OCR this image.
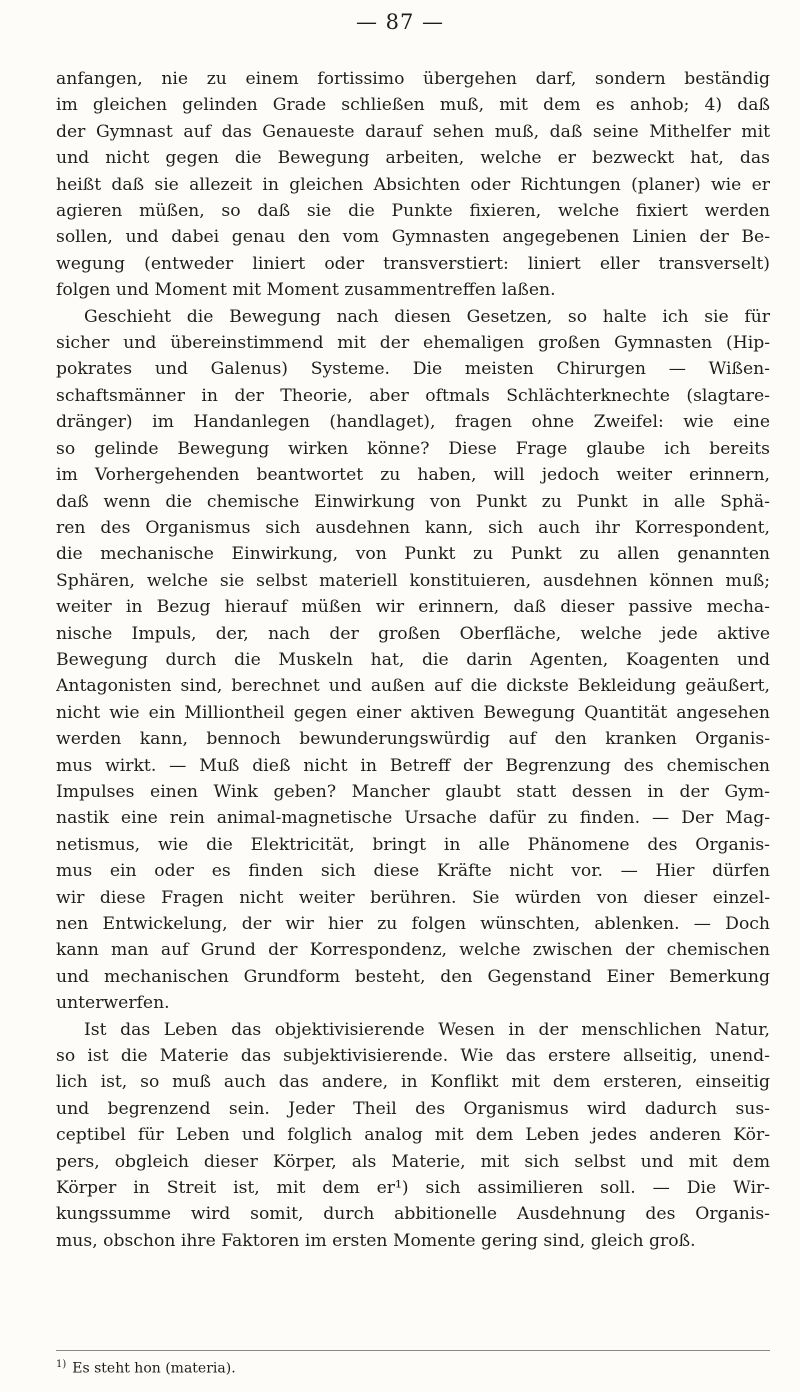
— 87 —
anfangen, nie zu einem fortissimo übergehen darf, sondern beständig
im gleichen gelinden Grade schließen muß, mit dem es anhob; 4) daß
der Gymnast auf das Genaueste darauf sehen muß, daß seine Mithelfer mit
und nicht gegen die Bewegung arbeiten, welche er bezweckt hat, das
heißt daß sie allezeit in gleichen Absichten oder Richtungen (planer) wie er
agieren müßen, so daß sie die Punkte fixieren, welche fixiert werden
sollen, und dabei genau den vom Gymnasten angegebenen Linien der Be-
wegung (entweder liniert oder transverstiert: liniert eller transverselt)
folgen und Moment mit Moment zusammentreffen laßen.
Geschieht die Bewegung nach diesen Gesetzen, so halte ich sie für
sicher und übereinstimmend mit der ehemaligen großen Gymnasten (Hip-
pokrates und Galenus) Systeme. Die meisten Chirurgen — Wißen-
schaftsmänner in der Theorie, aber oftmals Schlächterknechte (slagtare-
dränger) im Handanlegen (handlaget), fragen ohne Zweifel: wie eine
so gelinde Bewegung wirken könne? Diese Frage glaube ich bereits
im Vorhergehenden beantwortet zu haben, will jedoch weiter erinnern,
daß wenn die chemische Einwirkung von Punkt zu Punkt in alle Sphä-
ren des Organismus sich ausdehnen kann, sich auch ihr Korrespondent,
die mechanische Einwirkung, von Punkt zu Punkt zu allen genannten
Sphären, welche sie selbst materiell konstituieren, ausdehnen können muß;
weiter in Bezug hierauf müßen wir erinnern, daß dieser passive mecha-
nische Impuls, der, nach der großen Oberfläche, welche jede aktive
Bewegung durch die Muskeln hat, die darin Agenten, Koagenten und
Antagonisten sind, berechnet und außen auf die dickste Bekleidung geäußert,
nicht wie ein Milliontheil gegen einer aktiven Bewegung Quantität angesehen
werden kann, bennoch bewunderungswürdig auf den kranken Organis-
mus wirkt. — Muß dieß nicht in Betreff der Begrenzung des chemischen
Impulses einen Wink geben? Mancher glaubt statt dessen in der Gym-
nastik eine rein animal-magnetische Ursache dafür zu finden. — Der Mag-
netismus, wie die Elektricität, bringt in alle Phänomene des Organis-
mus ein oder es finden sich diese Kräfte nicht vor. — Hier dürfen
wir diese Fragen nicht weiter berühren. Sie würden von dieser einzel-
nen Entwickelung, der wir hier zu folgen wünschten, ablenken. — Doch
kann man auf Grund der Korrespondenz, welche zwischen der chemischen
und mechanischen Grundform besteht, den Gegenstand Einer Bemerkung
unterwerfen.
Ist das Leben das objektivisierende Wesen in der menschlichen Natur,
so ist die Materie das subjektivisierende. Wie das erstere allseitig, unend-
lich ist, so muß auch das andere, in Konflikt mit dem ersteren, einseitig
und begrenzend sein. Jeder Theil des Organismus wird dadurch sus-
ceptibel für Leben und folglich analog mit dem Leben jedes anderen Kör-
pers, obgleich dieser Körper, als Materie, mit sich selbst und mit dem
Körper in Streit ist, mit dem er¹) sich assimilieren soll. — Die Wir-
kungssumme wird somit, durch abbitionelle Ausdehnung des Organis-
mus, obschon ihre Faktoren im ersten Momente gering sind, gleich groß.
$^{1)}$ Es steht hon (materia).
